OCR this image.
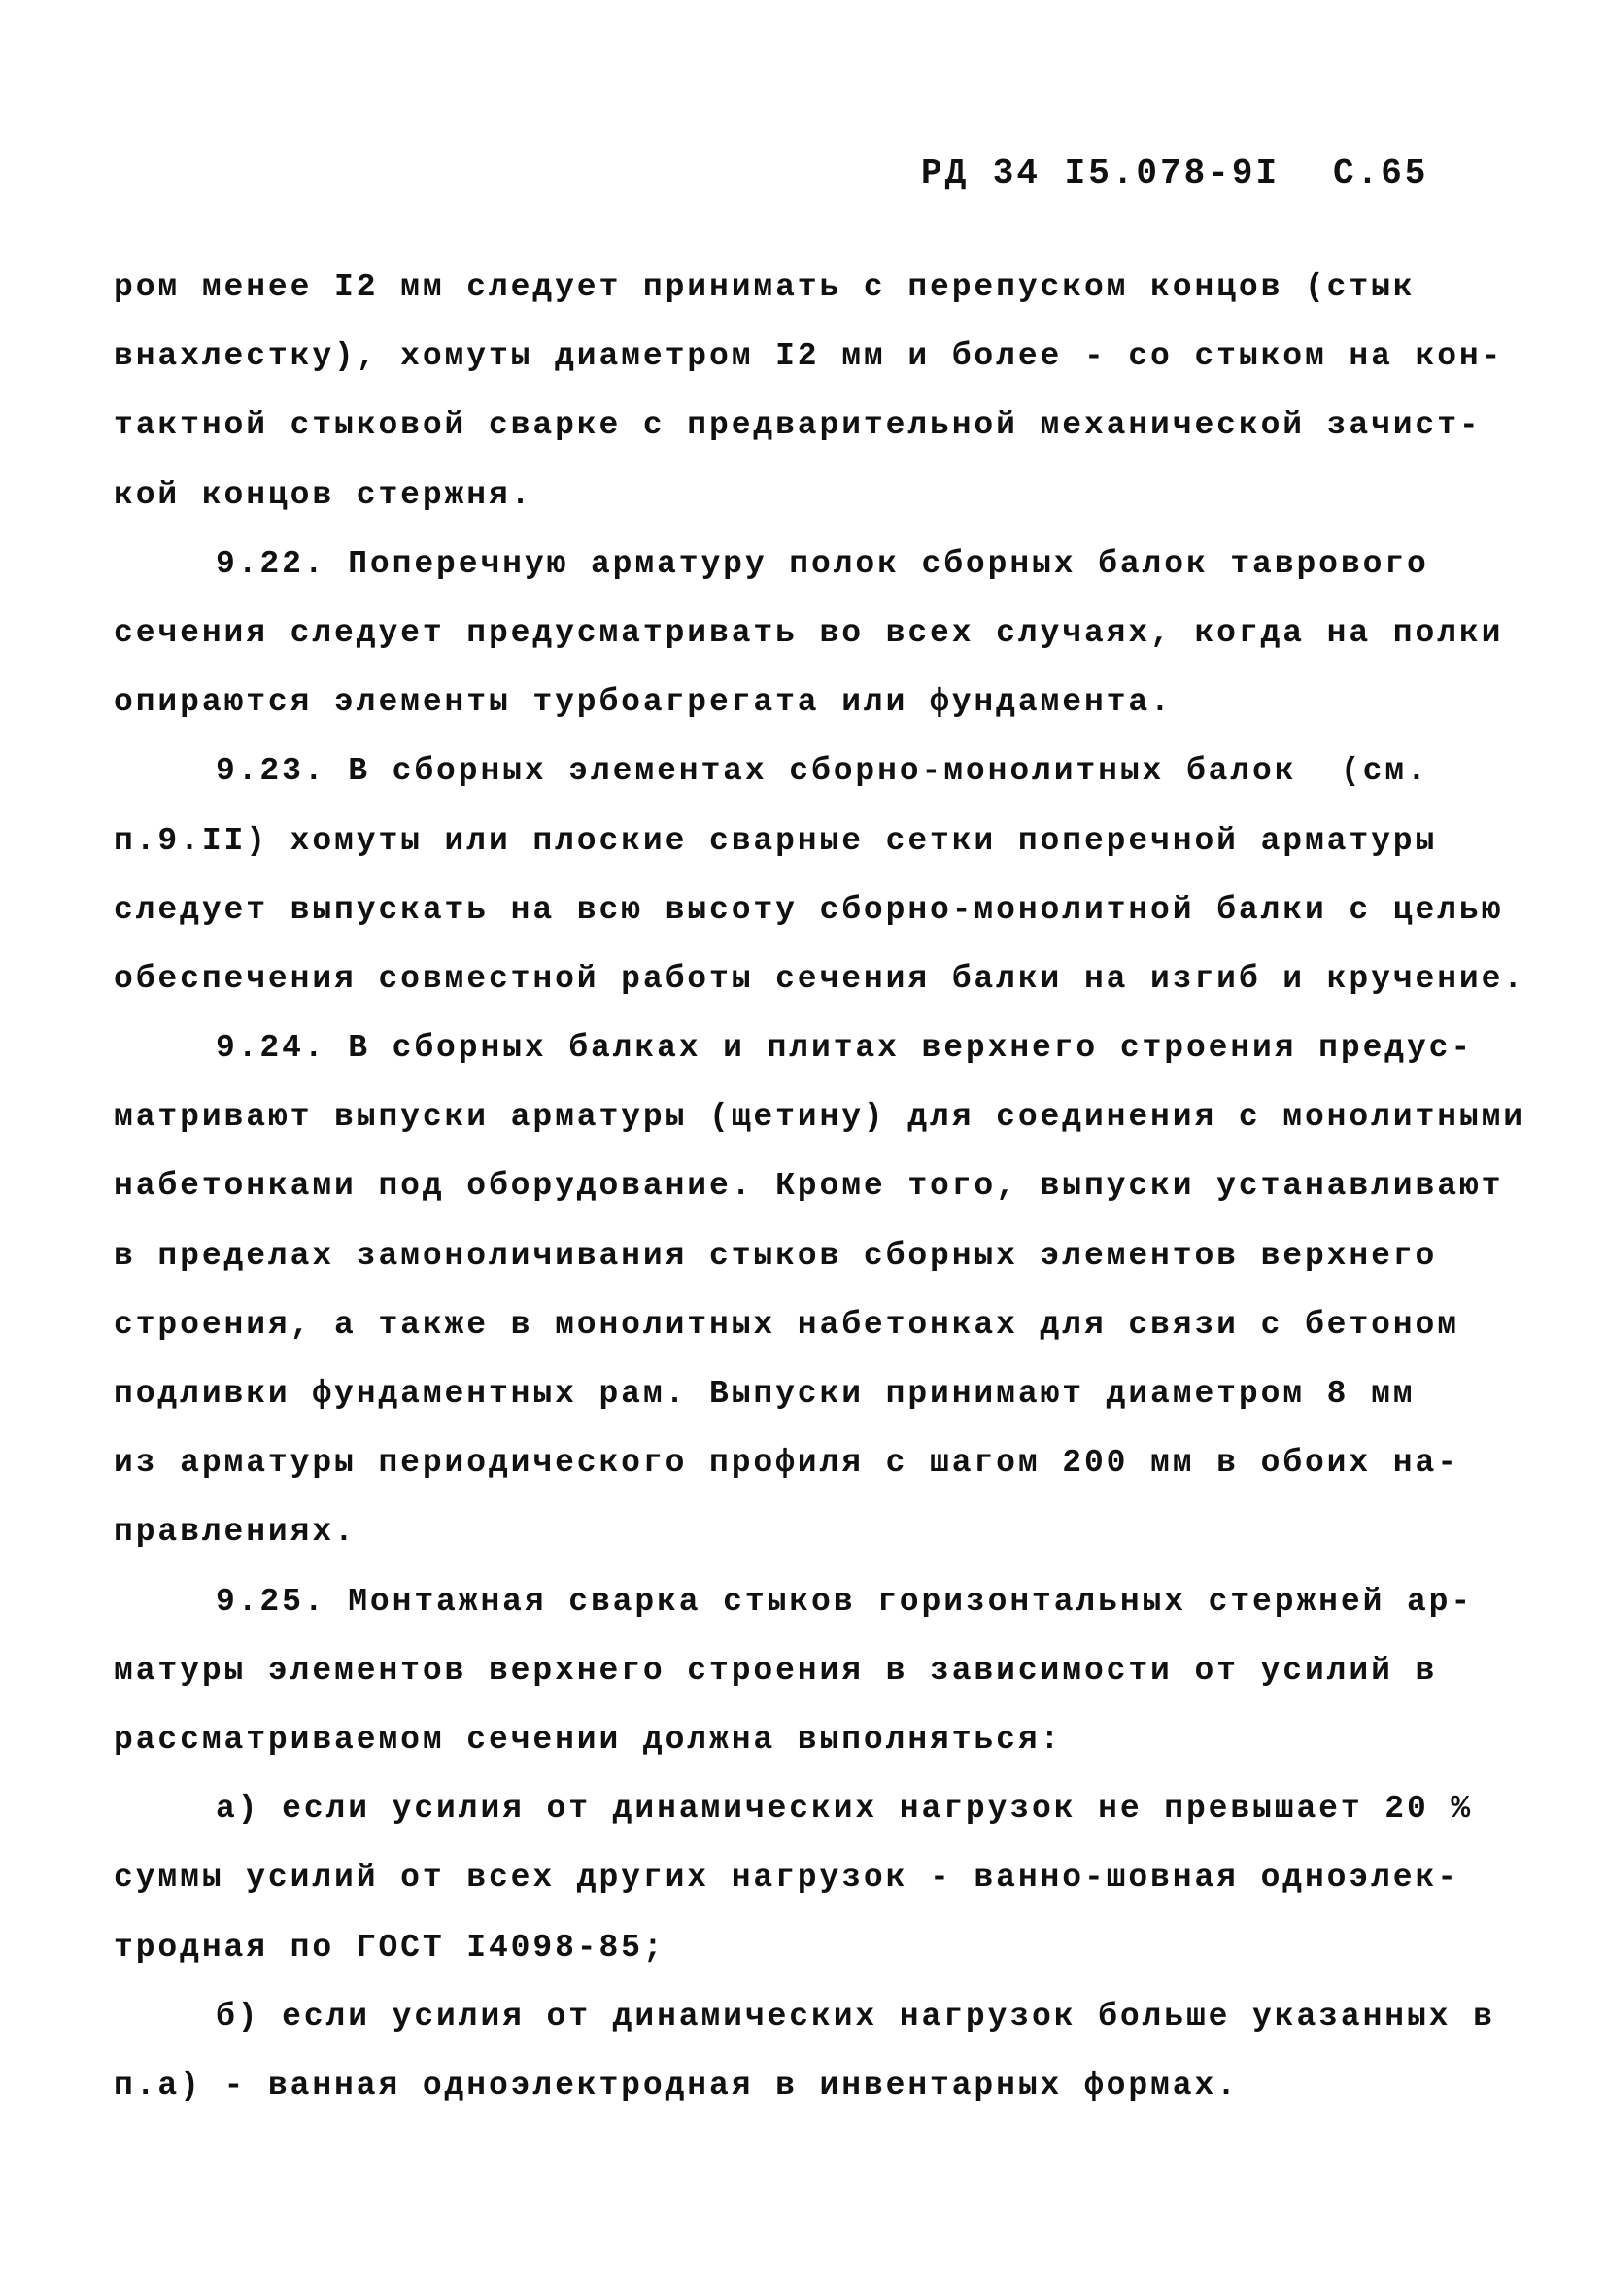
РД 34 I5.078-9I С.65
ром менее I2 мм следует принимать с перепуском концов (стык
внахлестку), хомуты диаметром I2 мм и более - со стыком на кон-
тактной стыковой сварке с предварительной механической зачист-
кой концов стержня.
9.22. Поперечную арматуру полок сборных балок таврового
сечения следует предусматривать во всех случаях, когда на полки
опираются элементы турбоагрегата или фундамента.
9.23. В сборных элементах сборно-монолитных балок  (см.
п.9.II) хомуты или плоские сварные сетки поперечной арматуры
следует выпускать на всю высоту сборно-монолитной балки с целью
обеспечения совместной работы сечения балки на изгиб и кручение.
9.24. В сборных балках и плитах верхнего строения предус-
матривают выпуски арматуры (щетину) для соединения с монолитными
набетонками под оборудование. Кроме того, выпуски устанавливают
в пределах замоноличивания стыков сборных элементов верхнего
строения, а также в монолитных набетонках для связи с бетоном
подливки фундаментных рам. Выпуски принимают диаметром 8 мм
из арматуры периодического профиля с шагом 200 мм в обоих на-
правлениях.
9.25. Монтажная сварка стыков горизонтальных стержней ар-
матуры элементов верхнего строения в зависимости от усилий в
рассматриваемом сечении должна выполняться:
а) если усилия от динамических нагрузок не превышает 20 %
суммы усилий от всех других нагрузок - ванно-шовная одноэлек-
тродная по ГОСТ I4098-85;
б) если усилия от динамических нагрузок больше указанных в
п.а) - ванная одноэлектродная в инвентарных формах.
